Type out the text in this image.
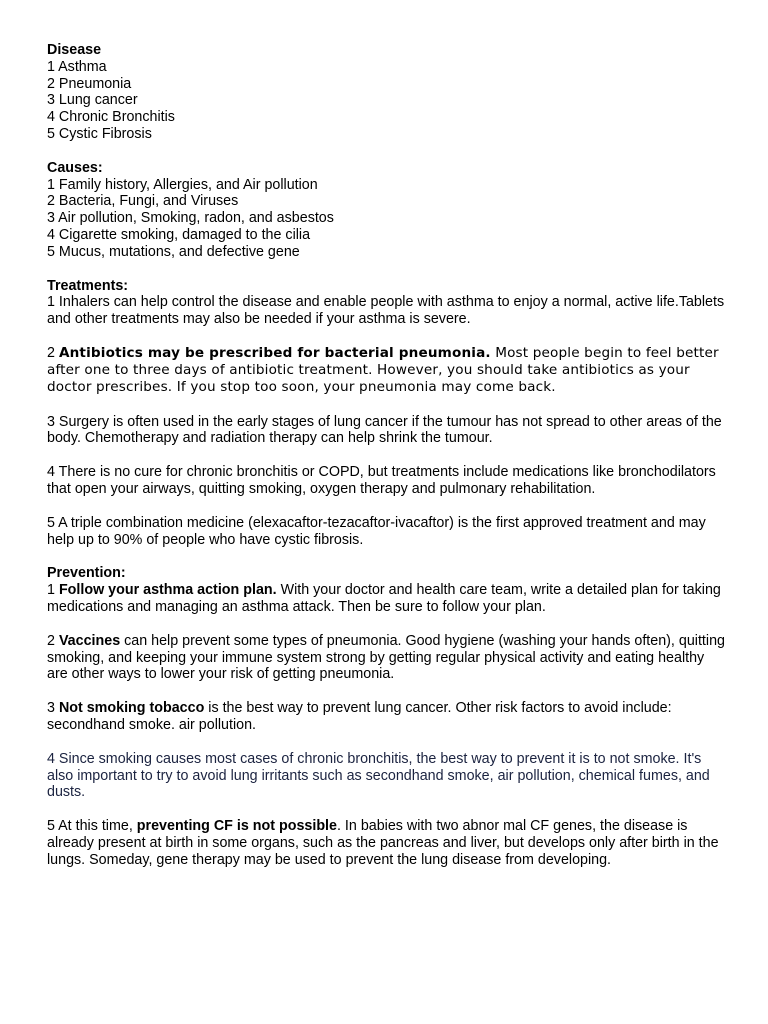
Disease
1 Asthma
2 Pneumonia
3 Lung cancer
4 Chronic Bronchitis
5 Cystic Fibrosis
Causes:
1 Family history, Allergies, and Air pollution
2 Bacteria, Fungi, and Viruses
3 Air pollution, Smoking, radon, and asbestos
4 Cigarette smoking, damaged to the cilia
5 Mucus, mutations, and defective gene
Treatments:
1 Inhalers can help control the disease and enable people with asthma to enjoy a normal, active life.Tablets and other treatments may also be needed if your asthma is severe.
2 Antibiotics may be prescribed for bacterial pneumonia. Most people begin to feel better after one to three days of antibiotic treatment. However, you should take antibiotics as your doctor prescribes. If you stop too soon, your pneumonia may come back.
3 Surgery is often used in the early stages of lung cancer if the tumour has not spread to other areas of the body. Chemotherapy and radiation therapy can help shrink the tumour.
4 There is no cure for chronic bronchitis or COPD, but treatments include medications like bronchodilators that open your airways, quitting smoking, oxygen therapy and pulmonary rehabilitation.
5 A triple combination medicine (elexacaftor-tezacaftor-ivacaftor) is the first approved treatment and may help up to 90% of people who have cystic fibrosis.
Prevention:
1 Follow your asthma action plan. With your doctor and health care team, write a detailed plan for taking medications and managing an asthma attack. Then be sure to follow your plan.
2 Vaccines can help prevent some types of pneumonia. Good hygiene (washing your hands often), quitting smoking, and keeping your immune system strong by getting regular physical activity and eating healthy are other ways to lower your risk of getting pneumonia.
3 Not smoking tobacco is the best way to prevent lung cancer. Other risk factors to avoid include: secondhand smoke. air pollution.
4 Since smoking causes most cases of chronic bronchitis, the best way to prevent it is to not smoke. It's also important to try to avoid lung irritants such as secondhand smoke, air pollution, chemical fumes, and dusts.
5 At this time, preventing CF is not possible. In babies with two abnor mal CF genes, the disease is already present at birth in some organs, such as the pancreas and liver, but develops only after birth in the lungs. Someday, gene therapy may be used to prevent the lung disease from developing.
